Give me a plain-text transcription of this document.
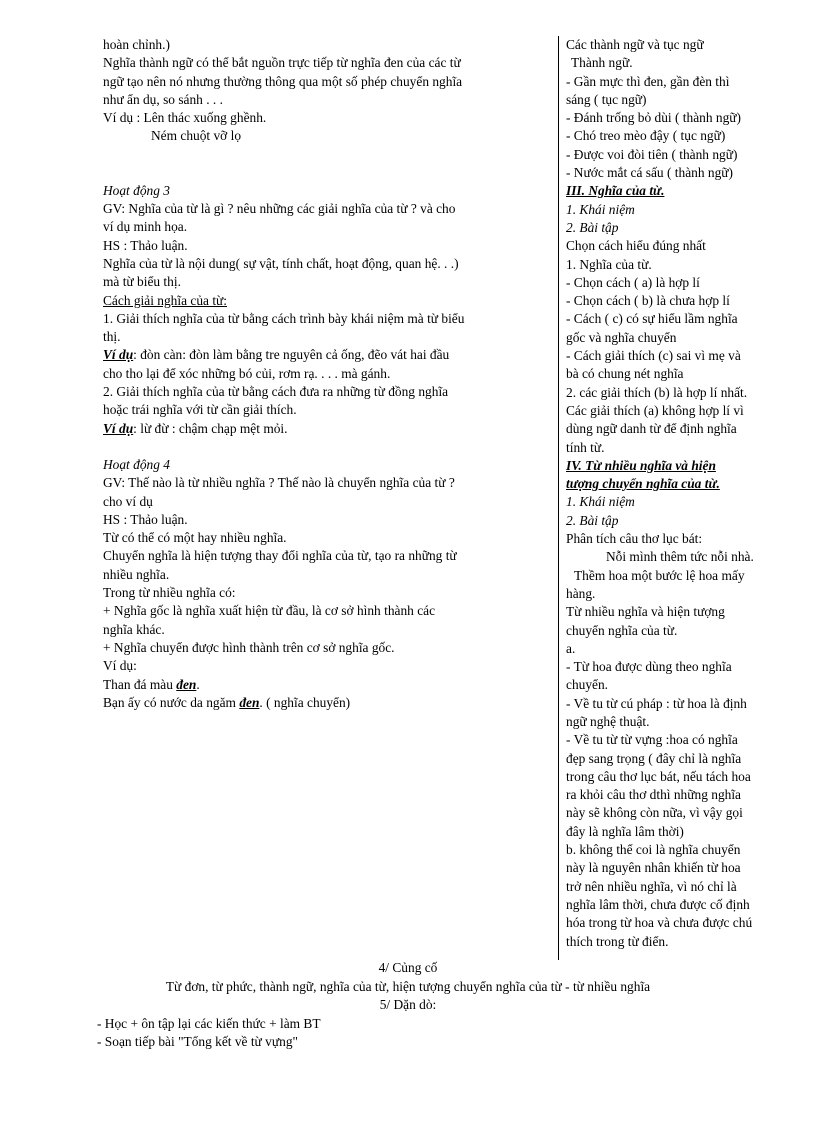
hoàn chỉnh.)
Nghĩa thành ngữ có thể bắt nguồn trực tiếp từ nghĩa đen của các từ
ngữ tạo nên nó nhưng thường thông qua một số phép chuyển nghĩa
như ẩn dụ, so sánh . . .
Ví dụ : Lên thác xuống ghềnh.
Ném chuột vỡ lọ
Hoạt động 3
GV: Nghĩa của từ là gì ? nêu những các giải nghĩa của từ ? và cho
ví dụ minh họa.
HS : Thảo luận.
Nghĩa của từ là nội dung( sự vật, tính chất, hoạt động, quan hệ. . .)
mà từ biểu thị.
Cách giải nghĩa của từ:
1. Giải thích nghĩa của từ bằng cách trình bày khái niệm mà từ biểu
thị.
Ví dụ: đòn càn: đòn làm bằng tre nguyên cả ống, đẽo vát hai đầu
cho tho lại để xóc những bó củi, rơm rạ. . . . mà gánh.
2. Giải thích nghĩa của từ bằng cách đưa ra những từ đồng nghĩa
hoặc trái nghĩa với từ cần giải thích.
Ví dụ: lừ đừ : chậm chạp mệt mỏi.
Hoạt động 4
GV: Thế nào là từ nhiều nghĩa ? Thế nào là chuyển nghĩa của từ ?
cho ví dụ
HS : Thảo luận.
Từ có thể có một hay nhiều nghĩa.
Chuyển nghĩa là hiện tượng thay đổi nghĩa của từ, tạo ra những từ
nhiều nghĩa.
Trong từ nhiều nghĩa có:
+ Nghĩa gốc là nghĩa xuất hiện từ đầu, là cơ sở hình thành các
nghĩa khác.
+ Nghĩa chuyển được hình thành trên cơ sở nghĩa gốc.
Ví dụ:
Than đá màu đen.
Bạn ấy có nước da ngăm đen. ( nghĩa chuyển)
Các thành ngữ và tục ngữ
Thành ngữ.
- Gần mực thì đen, gần đèn thì
sáng ( tục ngữ)
- Đánh trống bỏ dùi ( thành ngữ)
- Chó treo mèo đậy ( tục ngữ)
- Được voi đòi tiên ( thành ngữ)
- Nước mắt cá sấu ( thành ngữ)
III. Nghĩa của từ.
1. Khái niệm
2. Bài tập
Chọn cách hiểu đúng nhất
1. Nghĩa của từ.
- Chọn cách ( a) là hợp lí
- Chọn cách ( b) là chưa hợp lí
- Cách ( c) có sự hiểu lầm nghĩa
gốc và nghĩa chuyển
- Cách giải thích (c) sai vì mẹ và
bà có chung nét nghĩa
2. các giải thích (b) là hợp lí nhất.
Các giải thích (a) không hợp lí vì
dùng ngữ danh từ để định nghĩa
tính từ.
IV. Từ nhiều nghĩa và hiện
tượng chuyển nghĩa của từ.
1. Khái niệm
2. Bài tập
Phân tích câu thơ lục bát:
Nỗi mình thêm tức nỗi nhà.
Thềm hoa một bước lệ hoa mấy
hàng.
Từ nhiều nghĩa và hiện tượng
chuyển nghĩa của từ.
a.
- Từ hoa được dùng theo nghĩa
chuyển.
- Về tu từ cú pháp : từ hoa là định
ngữ nghệ thuật.
- Về tu từ từ vựng :hoa có nghĩa
đẹp sang trọng ( đây chỉ là nghĩa
trong câu thơ lục bát, nếu tách hoa
ra khỏi câu thơ dthì những nghĩa
này sẽ không còn nữa, vì vậy gọi
đây là nghĩa lâm thời)
b. không thể coi là nghĩa chuyển
này là nguyên nhân khiến từ hoa
trở nên nhiều nghĩa, vì nó chỉ là
nghĩa lâm thời, chưa được cố định
hóa trong từ hoa và chưa được chú
thích trong từ điển.
4/ Củng cố
Từ đơn, từ phức, thành ngữ, nghĩa của từ, hiện tượng chuyển nghĩa của từ - từ nhiều nghĩa
5/ Dặn dò:
- Học + ôn tập lại các kiến thức + làm BT
- Soạn tiếp bài "Tổng kết về từ vựng"
